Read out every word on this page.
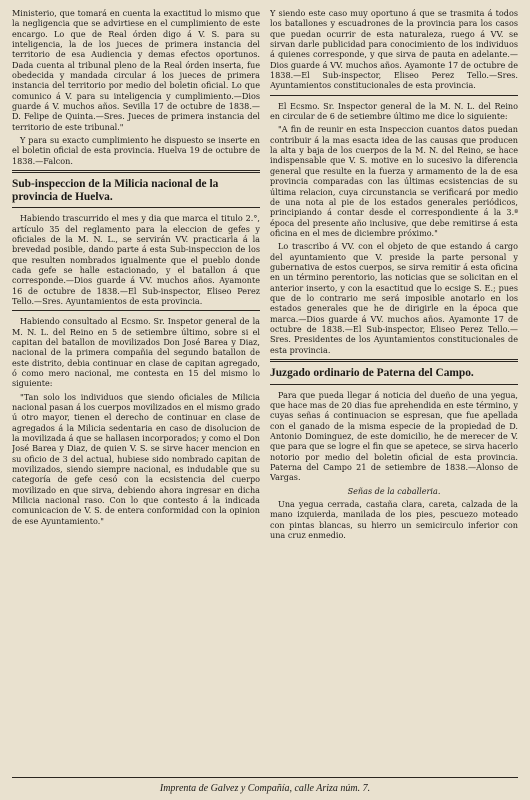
Ministerio, que tomará en cuenta la exactitud lo mismo que la negligencia que se advirtiese en el cumplimiento de este encargo. Lo que de Real órden digo á V. S. para su inteligencia, la de los jueces de primera instancia del territorio de esa Audiencia y demas efectos oportunos. Dada cuenta al tribunal pleno de la Real órden inserta, fue obedecida y mandada circular á los jueces de primera instancia del territorio por medio del boletin oficial. Lo que comunico á V. para su inteligencia y cumplimiento.—Dios guarde á V. muchos años. Sevilla 17 de octubre de 1838.—D. Felipe de Quinta.—Sres. Jueces de primera instancia del territorio de este tribunal."

Y para su exacto cumplimiento he dispuesto se inserte en el boletin oficial de esta provincia. Huelva 19 de octubre de 1838.—Falcon.

Sub-inspeccion de la Milicia nacional de la provincia de Huelva.

Habiendo trascurrido el mes y dia que marca el titulo 2.°, artículo 35 del reglamento para la eleccion de gefes y oficiales de la M. N. L., se servirán VV. practicarla á la brevedad posible, dando parte á esta Sub-inspeccion de los que resulten nombrados igualmente que el pueblo donde cada gefe se halle estacionado, y el batallon á que corresponde.—Dios guarde á VV. muchos años. Ayamonte 16 de octubre de 1838.—El Sub-inspector, Eliseo Perez Tello.—Sres. Ayuntamientos de esta provincia.

Habiendo consultado al Ecsmo. Sr. Inspetor general de la M. N. L. del Reino en 5 de setiembre último, sobre si el capitan del batallon de movilizados Don José Barea y Diaz, nacional de la primera compañia del segundo batallon de este distrito, debia continuar en clase de capitan agregado, ó como mero nacional, me contesta en 15 del mismo lo siguiente:

"Tan solo los individuos que siendo oficiales de Milicia nacional pasan á los cuerpos movilizados en el mismo grado ú otro mayor, tienen el derecho de continuar en clase de agregados á la Milicia sedentaria en caso de disolucion de la movilizada á que se hallasen incorporados; y como el Don José Barea y Diaz, de quien V. S. se sirve hacer mencion en su oficio de 3 del actual, hubiese sido nombrado capitan de movilizados, siendo siempre nacional, es indudable que su categoría de gefe cesó con la ecsistencia del cuerpo movilizado en que sirva, debiendo ahora ingresar en dicha Milicia nacional raso. Con lo que contesto á la indicada comunicacion de V. S. de entera conformidad con la opinion de ese Ayuntamiento."

Y siendo este caso muy oportuno á que se trasmita á todos los batallones y escuadrones de la provincia para los casos que puedan ocurrir de esta naturaleza, ruego á VV. se sirvan darle publicidad para conocimiento de los individuos á quienes corresponde, y que sirva de pauta en adelante.—Dios guarde á VV. muchos años. Ayamonte 17 de octubre de 1838.—El Sub-inspector, Eliseo Perez Tello.—Sres. Ayuntamientos constitucionales de esta provincia.

El Ecsmo. Sr. Inspector general de la M. N. L. del Reino en circular de 6 de setiembre último me dice lo siguiente:

"A fin de reunir en esta Inspeccion cuantos datos puedan contribuir á la mas esacta idea de las causas que producen la alta y baja de los cuerpos de la M. N. del Reino, se hace indispensable que V. S. motive en lo sucesivo la diferencia general que resulte en la fuerza y armamento de la de esa provincia comparadas con las últimas ecsistencias de su última relacion, cuya circunstancia se verificará por medio de una nota al pie de los estados generales periódicos, principiando á contar desde el correspondiente á la 3.ª época del presente año inclusive, que debe remitirse á esta oficina en el mes de diciembre próximo."

Lo trascribo á VV. con el objeto de que estando á cargo del ayuntamiento que V. preside la parte personal y gubernativa de estos cuerpos, se sirva remitir á esta oficina en un término perentorio, las noticias que se solicitan en el anterior inserto, y con la esactitud que lo ecsige S. E.; pues que de lo contrario me será imposible anotarlo en los estados generales que he de dirigirle en la época que marca.—Dios guarde á VV. muchos años. Ayamonte 17 de octubre de 1838.—El Sub-inspector, Eliseo Perez Tello.—Sres. Presidentes de los Ayuntamientos constitucionales de esta provincia.

Juzgado ordinario de Paterna del Campo.

Para que pueda llegar á noticia del dueño de una yegua, que hace mas de 20 dias fue aprehendida en este término, y cuyas señas á continuacion se espresan, que fue apellada con el ganado de la misma especie de la propiedad de D. Antonio Dominguez, de este domicilio, he de merecer de V. que para que se logre el fin que se apetece, se sirva hacerlo notorio por medio del boletin oficial de esta provincia. Paterna del Campo 21 de setiembre de 1838.—Alonso de Vargas.

Señas de la caballeria.

Una yegua cerrada, castaña clara, careta, calzada de la mano izquierda, manilada de los pies, pescuezo moteado con pintas blancas, su hierro un semicirculo inferior con una cruz enmedio.

Imprenta de Galvez y Compañía, calle Ariza núm. 7.
